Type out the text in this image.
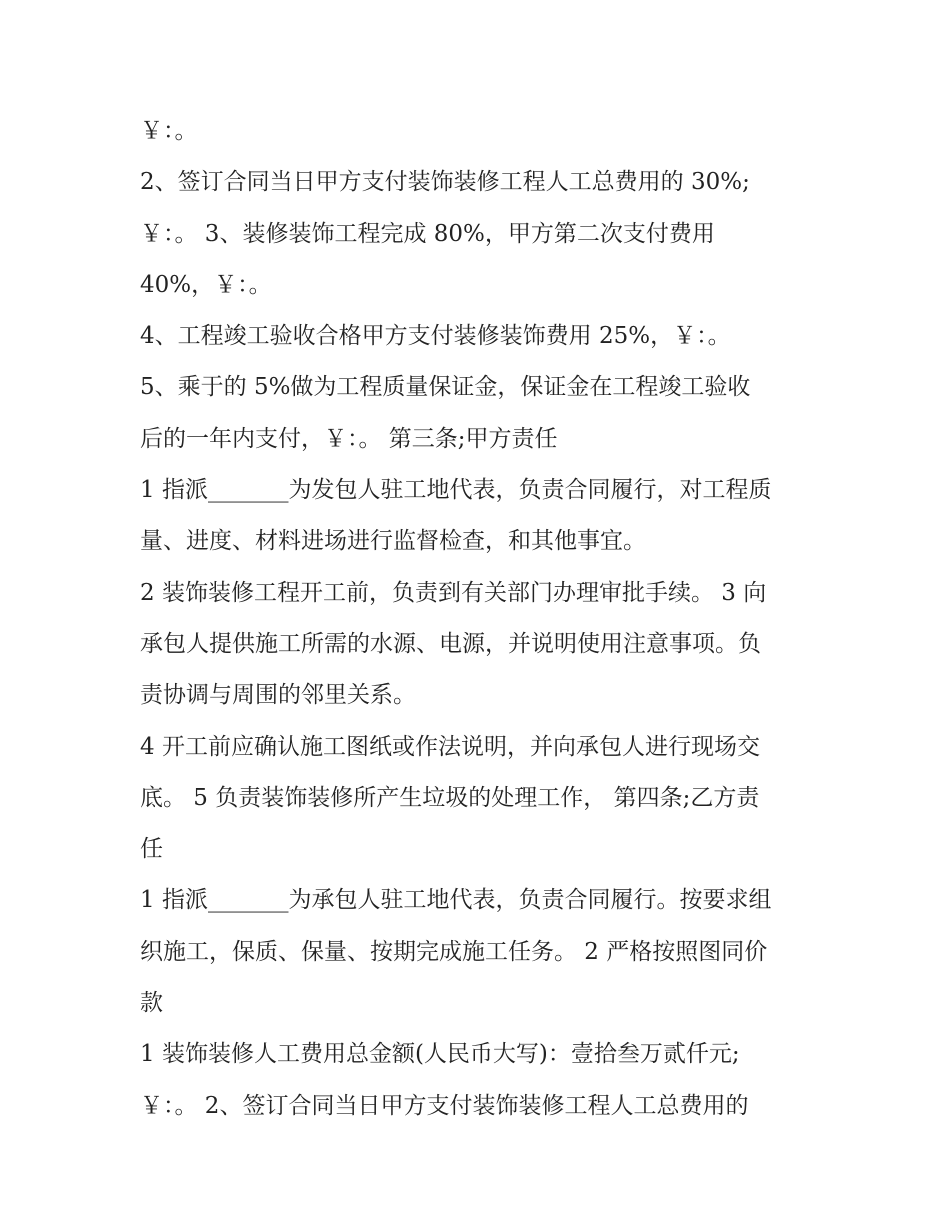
￥：。
2、签订合同当日甲方支付装饰装修工程人工总费用的 30%;
￥：。 3、装修装饰工程完成 80%，甲方第二次支付费用
40%，￥：。
4、工程竣工验收合格甲方支付装修装饰费用 25%，￥：。
5、乘于的 5%做为工程质量保证金，保证金在工程竣工验收
后的一年内支付，￥：。 第三条;甲方责任
1 指派_______为发包人驻工地代表，负责合同履行，对工程质
量、进度、材料进场进行监督检查，和其他事宜。
2 装饰装修工程开工前，负责到有关部门办理审批手续。 3 向
承包人提供施工所需的水源、电源，并说明使用注意事项。负
责协调与周围的邻里关系。
4 开工前应确认施工图纸或作法说明，并向承包人进行现场交
底。 5 负责装饰装修所产生垃圾的处理工作， 第四条;乙方责
任
1 指派_______为承包人驻工地代表，负责合同履行。按要求组
织施工，保质、保量、按期完成施工任务。 2 严格按照图同价
款
1 装饰装修人工费用总金额(人民币大写)：壹拾叁万贰仟元;
￥：。 2、签订合同当日甲方支付装饰装修工程人工总费用的
